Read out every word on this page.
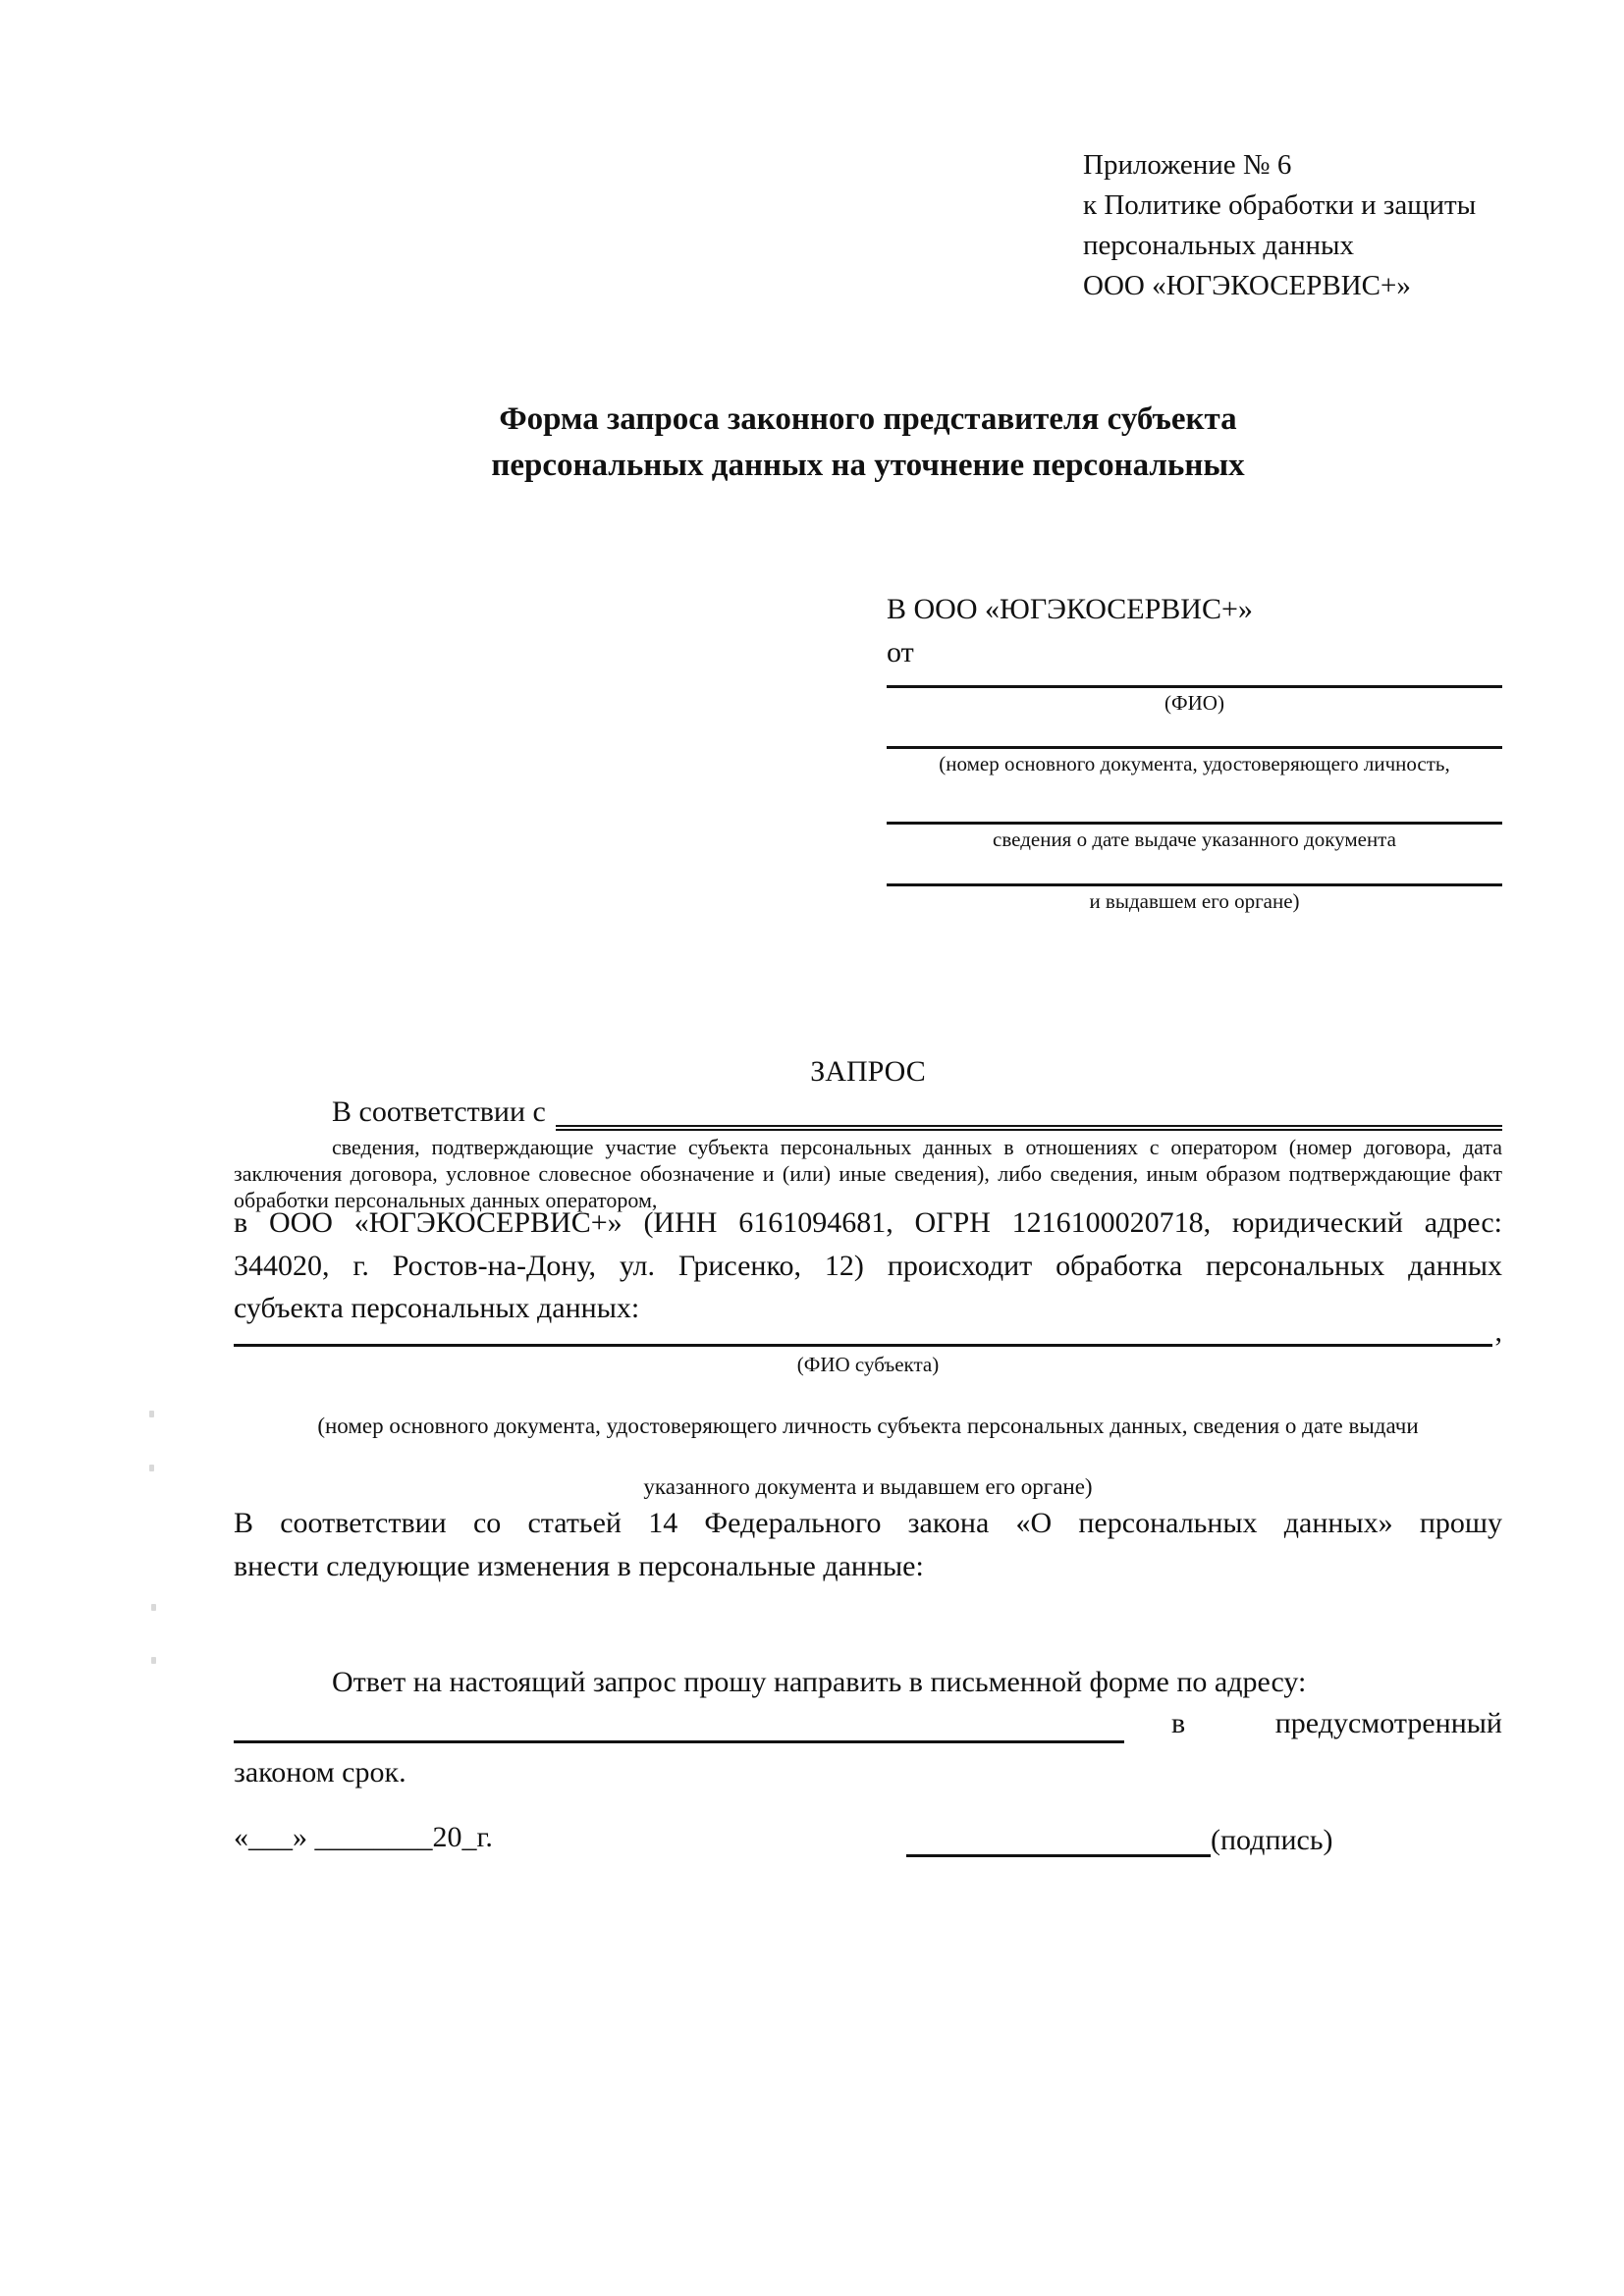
Приложение № 6
к Политике обработки и защиты
персональных данных
ООО «ЮГЭКОСЕРВИС+»
Форма запроса законного представителя субъекта
персональных данных на уточнение персональных
В ООО «ЮГЭКОСЕРВИС+»
от
(ФИО)
(номер основного документа, удостоверяющего личность,
сведения о дате выдаче указанного документа
и выдавшем его органе)
ЗАПРОС
В соответствии с
сведения, подтверждающие участие субъекта персональных данных в отношениях с оператором (номер договора, дата
заключения договора, условное словесное обозначение и (или) иные сведения), либо сведения, иным образом подтверждающие факт
обработки персональных данных оператором,
в ООО «ЮГЭКОСЕРВИС+» (ИНН 6161094681, ОГРН 1216100020718, юридический адрес:
344020, г. Ростов-на-Дону, ул. Грисенко, 12) происходит обработка персональных данных
субъекта персональных данных:
,
(ФИО субъекта)
(номер основного документа, удостоверяющего личность субъекта персональных данных, сведения о дате выдачи
указанного документа и выдавшем его органе)
В соответствии со статьей 14 Федерального закона «О персональных данных» прошу
внести следующие изменения в персональные данные:
Ответ на настоящий запрос прошу направить в письменной форме по адресу:
в	предусмотренный
законом срок.
«___» ________20_г.	(подпись)
